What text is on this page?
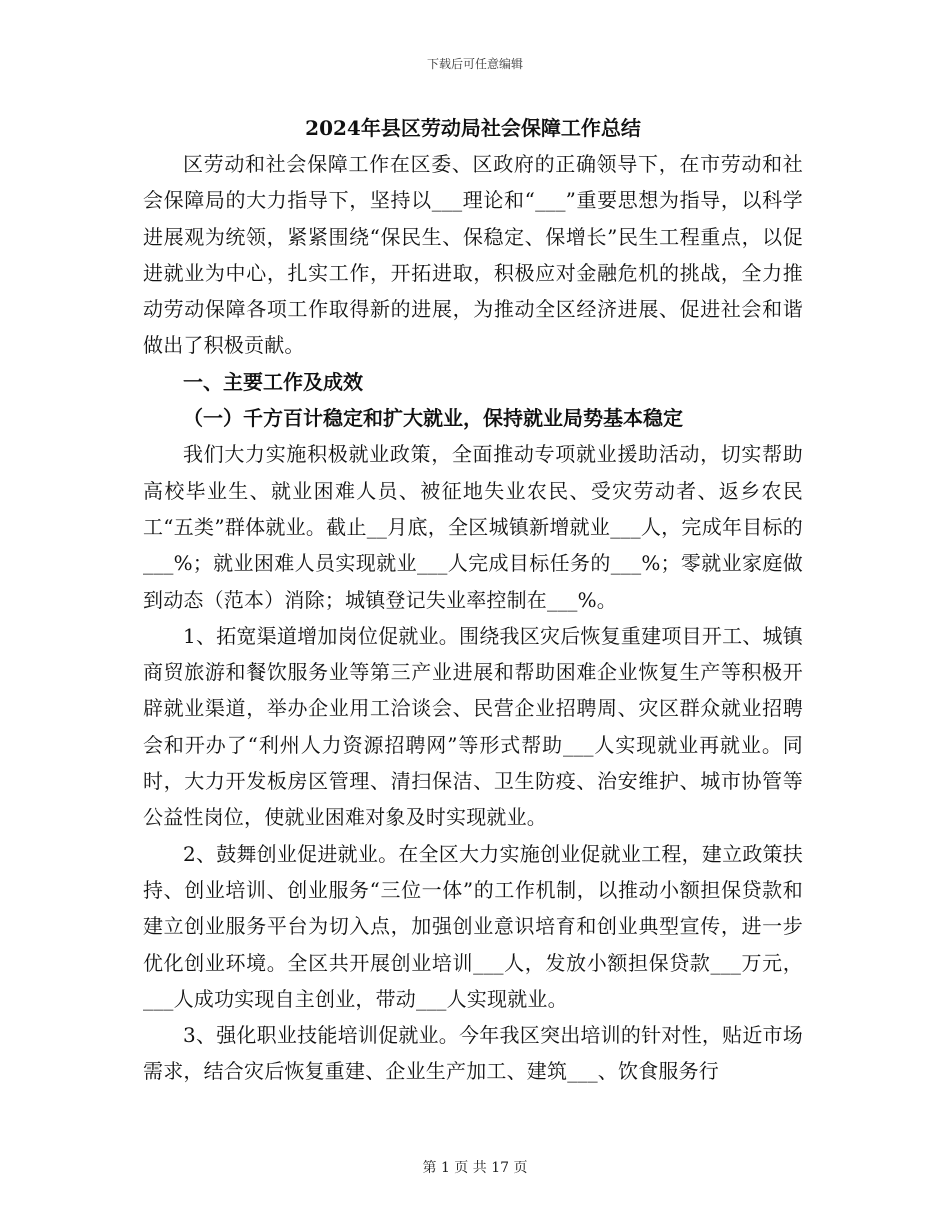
下载后可任意编辑

2024年县区劳动局社会保障工作总结

区劳动和社会保障工作在区委、区政府的正确领导下，在市劳动和社会保障局的大力指导下，坚持以___理论和“___”重要思想为指导，以科学进展观为统领，紧紧围绕“保民生、保稳定、保增长”民生工程重点，以促进就业为中心，扎实工作，开拓进取，积极应对金融危机的挑战，全力推动劳动保障各项工作取得新的进展，为推动全区经济进展、促进社会和谐做出了积极贡献。

一、主要工作及成效

（一）千方百计稳定和扩大就业，保持就业局势基本稳定

我们大力实施积极就业政策，全面推动专项就业援助活动，切实帮助高校毕业生、就业困难人员、被征地失业农民、受灾劳动者、返乡农民工“五类”群体就业。截止__月底，全区城镇新增就业___人，完成年目标的___%；就业困难人员实现就业___人完成目标任务的___%；零就业家庭做到动态（范本）消除；城镇登记失业率控制在___%。

1、拓宽渠道增加岗位促就业。围绕我区灾后恢复重建项目开工、城镇商贸旅游和餐饮服务业等第三产业进展和帮助困难企业恢复生产等积极开辟就业渠道，举办企业用工洽谈会、民营企业招聘周、灾区群众就业招聘会和开办了“利州人力资源招聘网”等形式帮助___人实现就业再就业。同时，大力开发板房区管理、清扫保洁、卫生防疫、治安维护、城市协管等公益性岗位，使就业困难对象及时实现就业。

2、鼓舞创业促进就业。在全区大力实施创业促就业工程，建立政策扶持、创业培训、创业服务“三位一体”的工作机制，以推动小额担保贷款和建立创业服务平台为切入点，加强创业意识培育和创业典型宣传，进一步优化创业环境。全区共开展创业培训___人，发放小额担保贷款___万元，___人成功实现自主创业，带动___人实现就业。

3、强化职业技能培训促就业。今年我区突出培训的针对性，贴近市场需求，结合灾后恢复重建、企业生产加工、建筑___、饮食服务行

第 1 页 共 17 页
